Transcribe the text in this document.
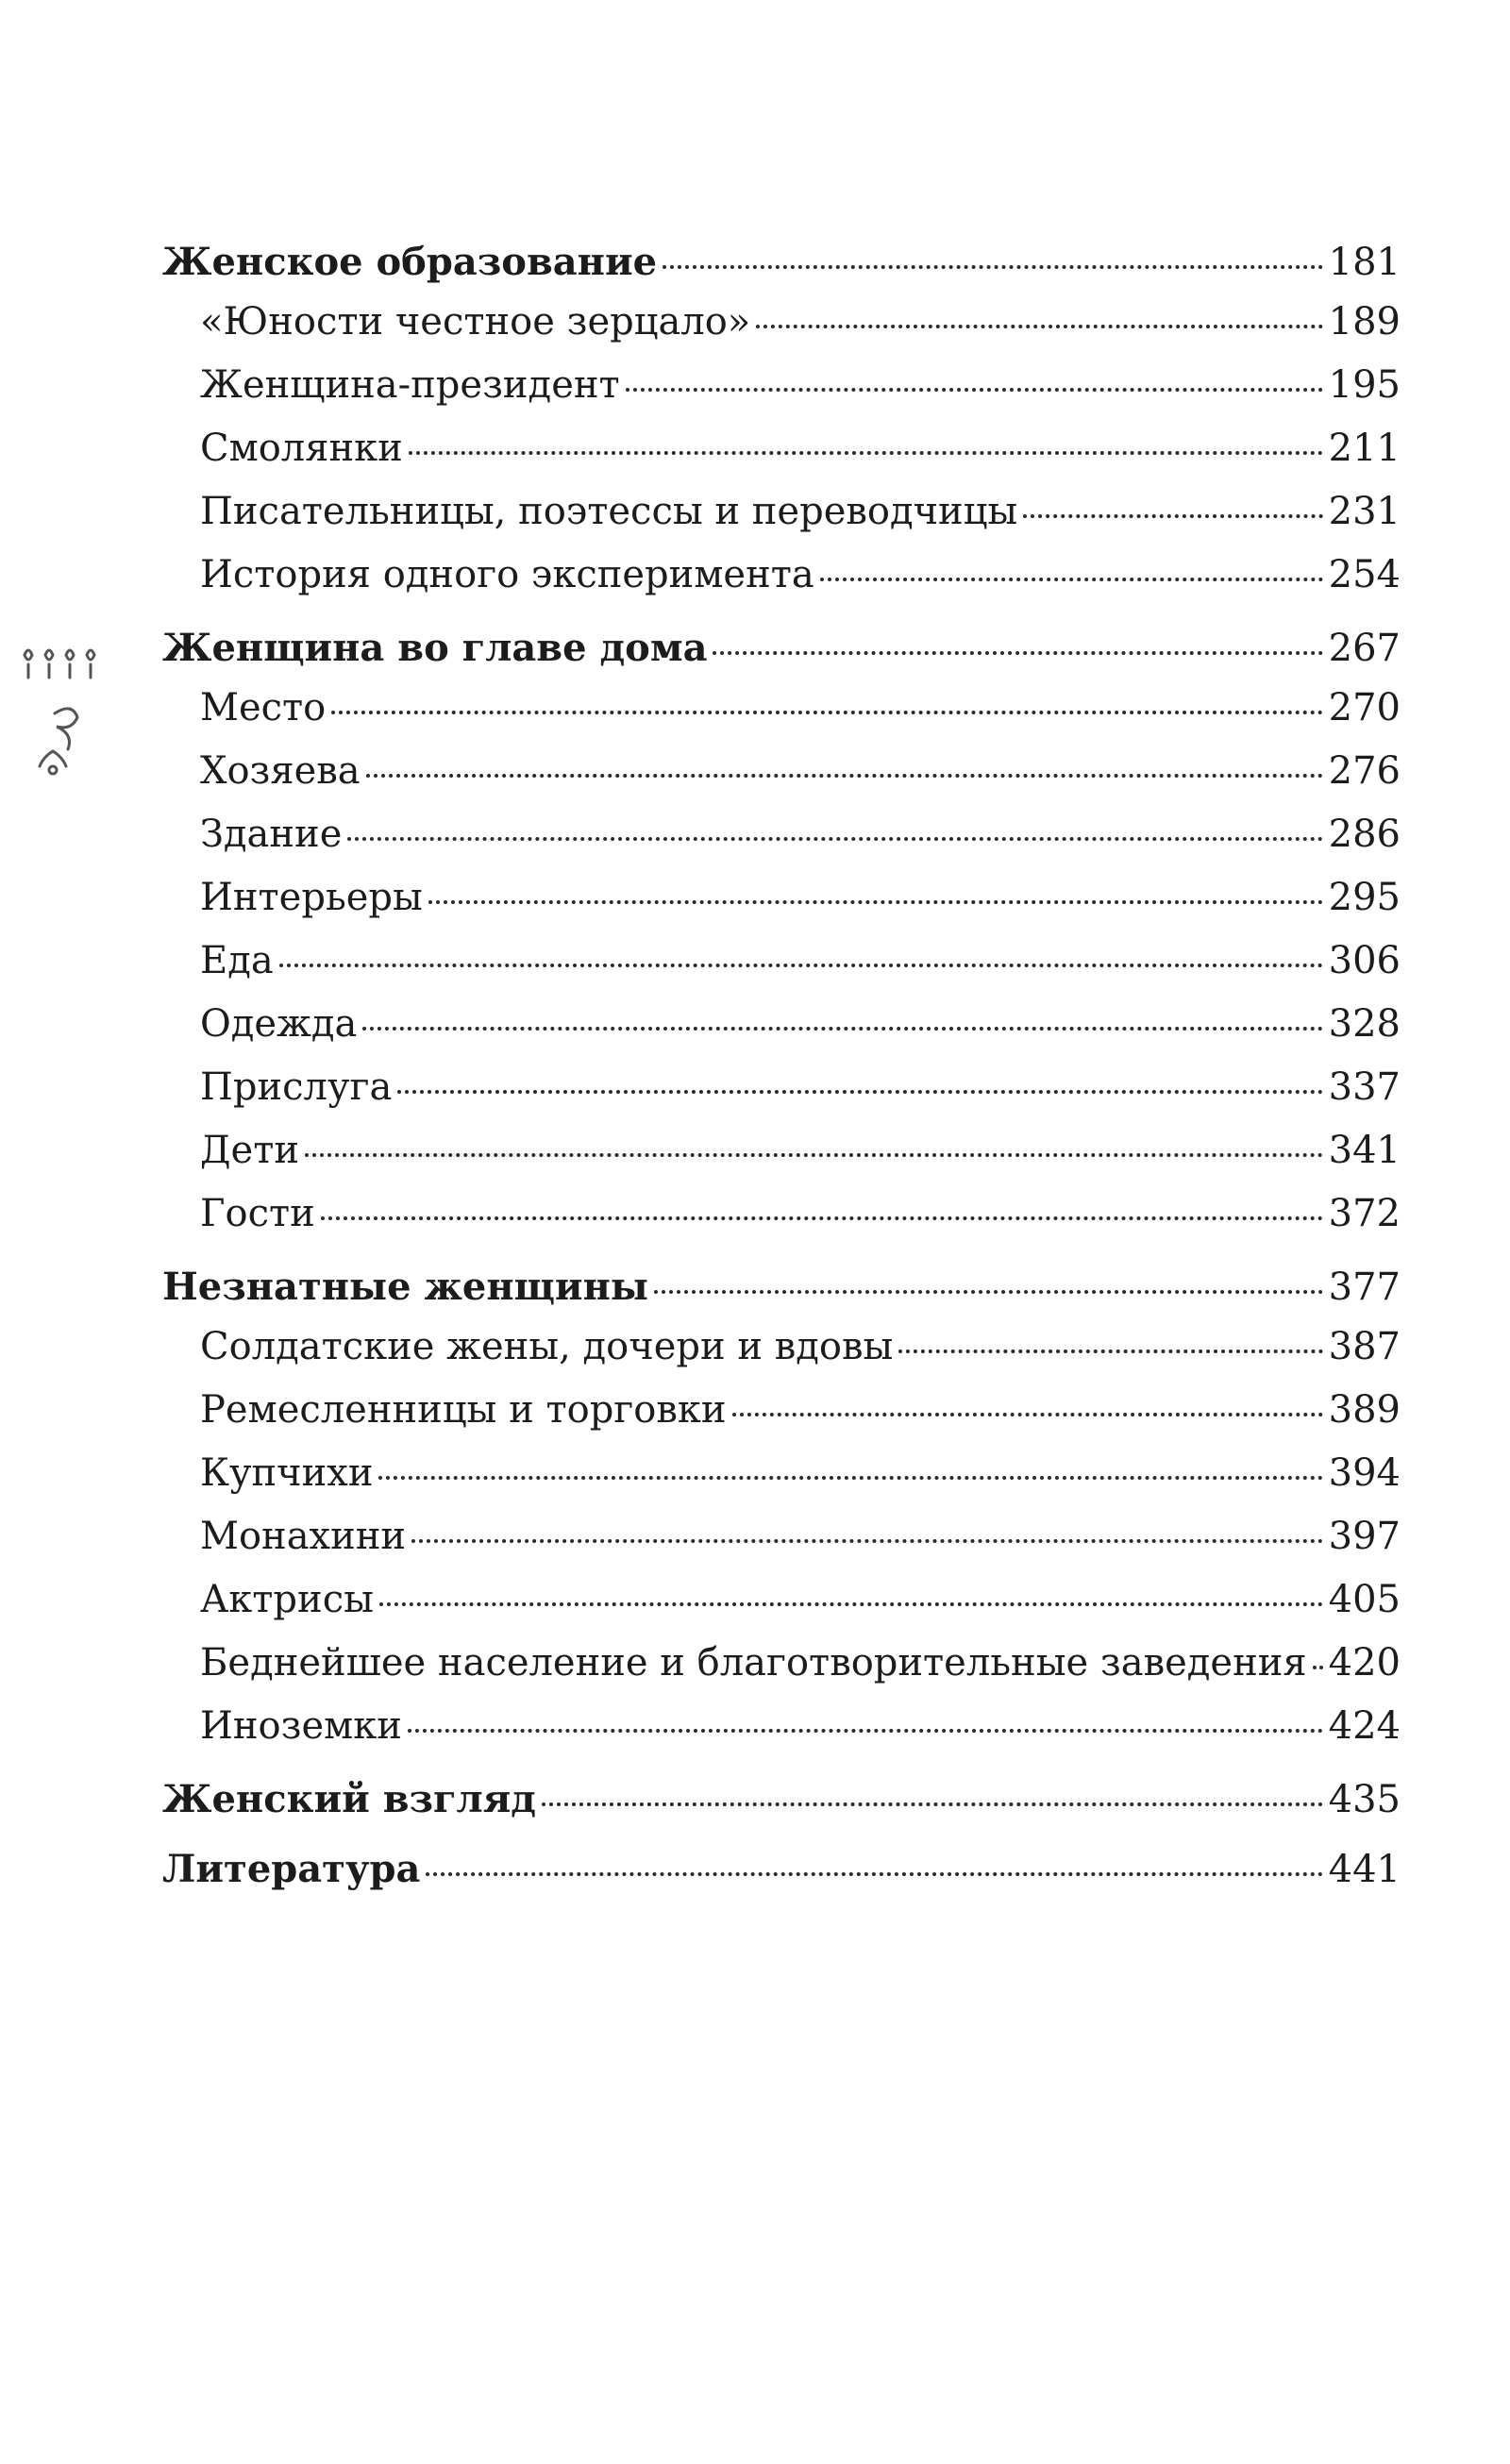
Женское образование	181
«Юности честное зерцало»	189
Женщина-президент	195
Смолянки	211
Писательницы, поэтессы и переводчицы	231
История одного эксперимента	254
Женщина во главе дома	267
Место	270
Хозяева	276
Здание	286
Интерьеры	295
Еда	306
Одежда	328
Прислуга	337
Дети	341
Гости	372
Незнатные женщины	377
Солдатские жены, дочери и вдовы	387
Ремесленницы и торговки	389
Купчихи	394
Монахини	397
Актрисы	405
Беднейшее население и благотворительные заведения 420
Иноземки	424
Женский взгляд	435
Литература	441
